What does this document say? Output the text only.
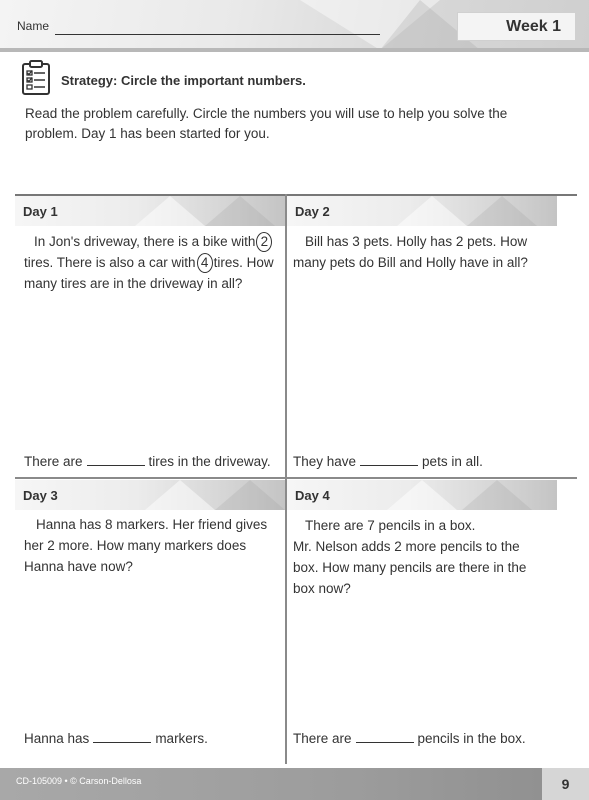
Name	Week 1
Strategy: Circle the important numbers.
Read the problem carefully. Circle the numbers you will use to help you solve the problem. Day 1 has been started for you.
Day 1
In Jon's driveway, there is a bike with 2 tires. There is also a car with 4 tires. How many tires are in the driveway in all?
There are	tires in the driveway.
Day 2
Bill has 3 pets. Holly has 2 pets. How many pets do Bill and Holly have in all?
They have	pets in all.
Day 3
Hanna has 8 markers. Her friend gives her 2 more. How many markers does Hanna have now?
Hanna has	markers.
Day 4
There are 7 pencils in a box.
Mr. Nelson adds 2 more pencils to the box. How many pencils are there in the box now?
There are	pencils in the box.
CD-105009 • © Carson-Dellosa	9
